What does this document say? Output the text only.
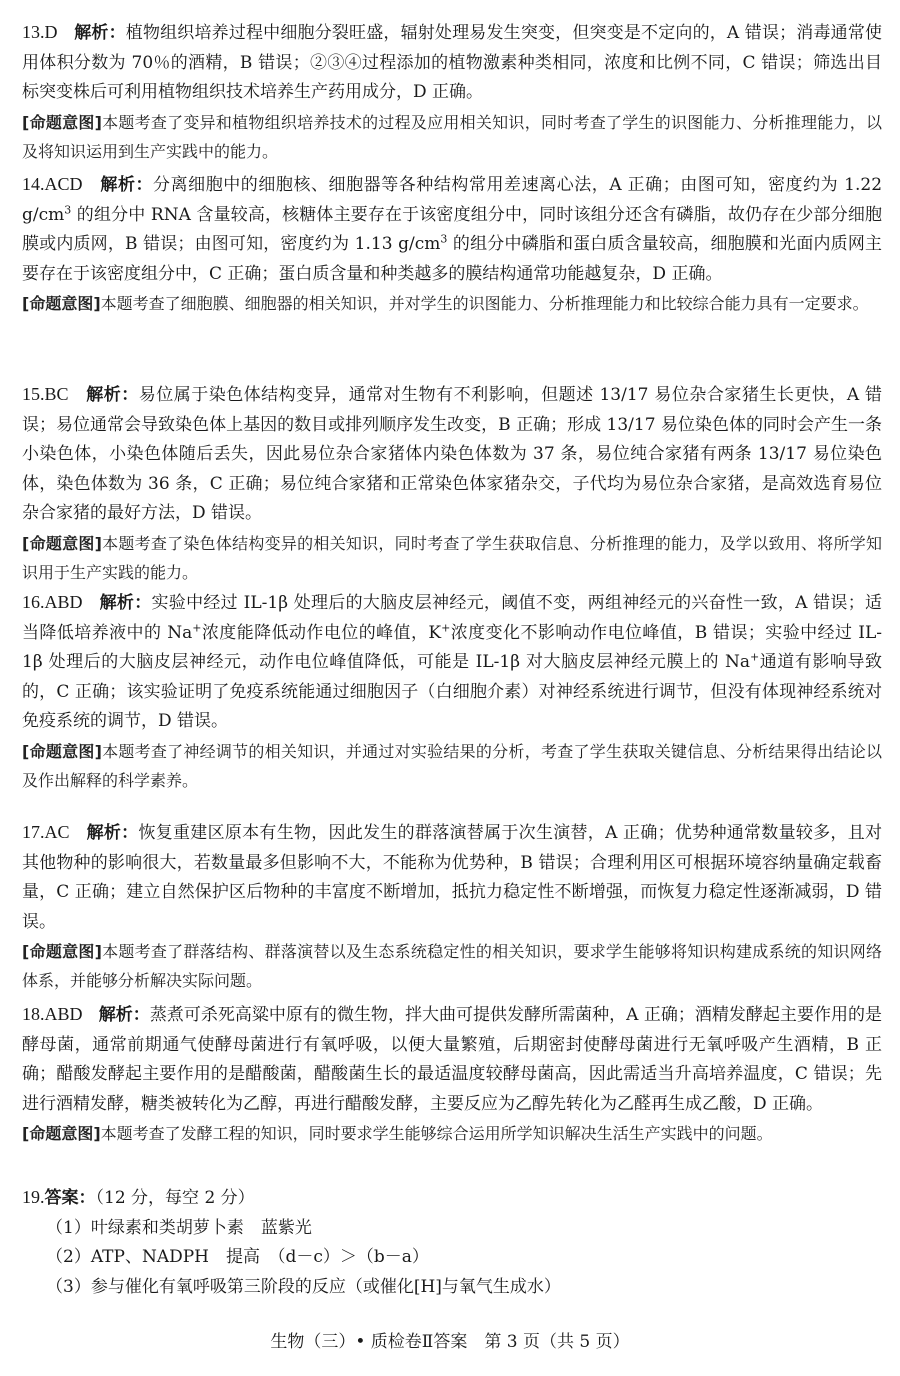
13.D 解析：植物组织培养过程中细胞分裂旺盛，辐射处理易发生突变，但突变是不定向的，A 错误；消毒通常使用体积分数为 70％的酒精，B 错误；②③④过程添加的植物激素种类相同，浓度和比例不同，C 错误；筛选出目标突变株后可利用植物组织技术培养生产药用成分，D 正确。

[命题意图]本题考查了变异和植物组织培养技术的过程及应用相关知识，同时考查了学生的识图能力、分析推理能力，以及将知识运用到生产实践中的能力。

14.ACD 解析：分离细胞中的细胞核、细胞器等各种结构常用差速离心法，A 正确；由图可知，密度约为 1.22 $g/cm^3$ 的组分中 RNA 含量较高，核糖体主要存在于该密度组分中，同时该组分还含有磷脂，故仍存在少部分细胞膜或内质网，B 错误；由图可知，密度约为 1.13 $g/cm^3$ 的组分中磷脂和蛋白质含量较高，细胞膜和光面内质网主要存在于该密度组分中，C 正确；蛋白质含量和种类越多的膜结构通常功能越复杂，D 正确。

[命题意图]本题考查了细胞膜、细胞器的相关知识，并对学生的识图能力、分析推理能力和比较综合能力具有一定要求。

15.BC 解析：易位属于染色体结构变异，通常对生物有不利影响，但题述 13/17 易位杂合家猪生长更快，A 错误；易位通常会导致染色体上基因的数目或排列顺序发生改变，B 正确；形成 13/17 易位染色体的同时会产生一条小染色体，小染色体随后丢失，因此易位杂合家猪体内染色体数为 37 条，易位纯合家猪有两条 13/17 易位染色体，染色体数为 36 条，C 正确；易位纯合家猪和正常染色体家猪杂交，子代均为易位杂合家猪，是高效选育易位杂合家猪的最好方法，D 错误。

[命题意图]本题考查了染色体结构变异的相关知识，同时考查了学生获取信息、分析推理的能力，及学以致用、将所学知识用于生产实践的能力。

16.ABD 解析：实验中经过 IL-1β 处理后的大脑皮层神经元，阈值不变，两组神经元的兴奋性一致，A 错误；适当降低培养液中的 Na+浓度能降低动作电位的峰值，K+浓度变化不影响动作电位峰值，B 错误；实验中经过 IL-1β 处理后的大脑皮层神经元，动作电位峰值降低，可能是 IL-1β 对大脑皮层神经元膜上的 Na+通道有影响导致的，C 正确；该实验证明了免疫系统能通过细胞因子（白细胞介素）对神经系统进行调节，但没有体现神经系统对免疫系统的调节，D 错误。

[命题意图]本题考查了神经调节的相关知识，并通过对实验结果的分析，考查了学生获取关键信息、分析结果得出结论以及作出解释的科学素养。

17.AC 解析：恢复重建区原本有生物，因此发生的群落演替属于次生演替，A 正确；优势种通常数量较多，且对其他物种的影响很大，若数量最多但影响不大，不能称为优势种，B 错误；合理利用区可根据环境容纳量确定载畜量，C 正确；建立自然保护区后物种的丰富度不断增加，抵抗力稳定性不断增强，而恢复力稳定性逐渐减弱，D 错误。

[命题意图]本题考查了群落结构、群落演替以及生态系统稳定性的相关知识，要求学生能够将知识构建成系统的知识网络体系，并能够分析解决实际问题。

18.ABD 解析：蒸煮可杀死高粱中原有的微生物，拌大曲可提供发酵所需菌种，A 正确；酒精发酵起主要作用的是酵母菌，通常前期通气使酵母菌进行有氧呼吸，以便大量繁殖，后期密封使酵母菌进行无氧呼吸产生酒精，B 正确；醋酸发酵起主要作用的是醋酸菌，醋酸菌生长的最适温度较酵母菌高，因此需适当升高培养温度，C 错误；先进行酒精发酵，糖类被转化为乙醇，再进行醋酸发酵，主要反应为乙醇先转化为乙醛再生成乙酸，D 正确。

[命题意图]本题考查了发酵工程的知识，同时要求学生能够综合运用所学知识解决生活生产实践中的问题。

19.答案：（12 分，每空 2 分）

（1）叶绿素和类胡萝卜素　蓝紫光

（2）ATP、NADPH　提高　（d－c）＞（b－a）

（3）参与催化有氧呼吸第三阶段的反应（或催化[H]与氧气生成水）

生物（三）• 质检卷Ⅱ答案　第 3 页（共 5 页）
